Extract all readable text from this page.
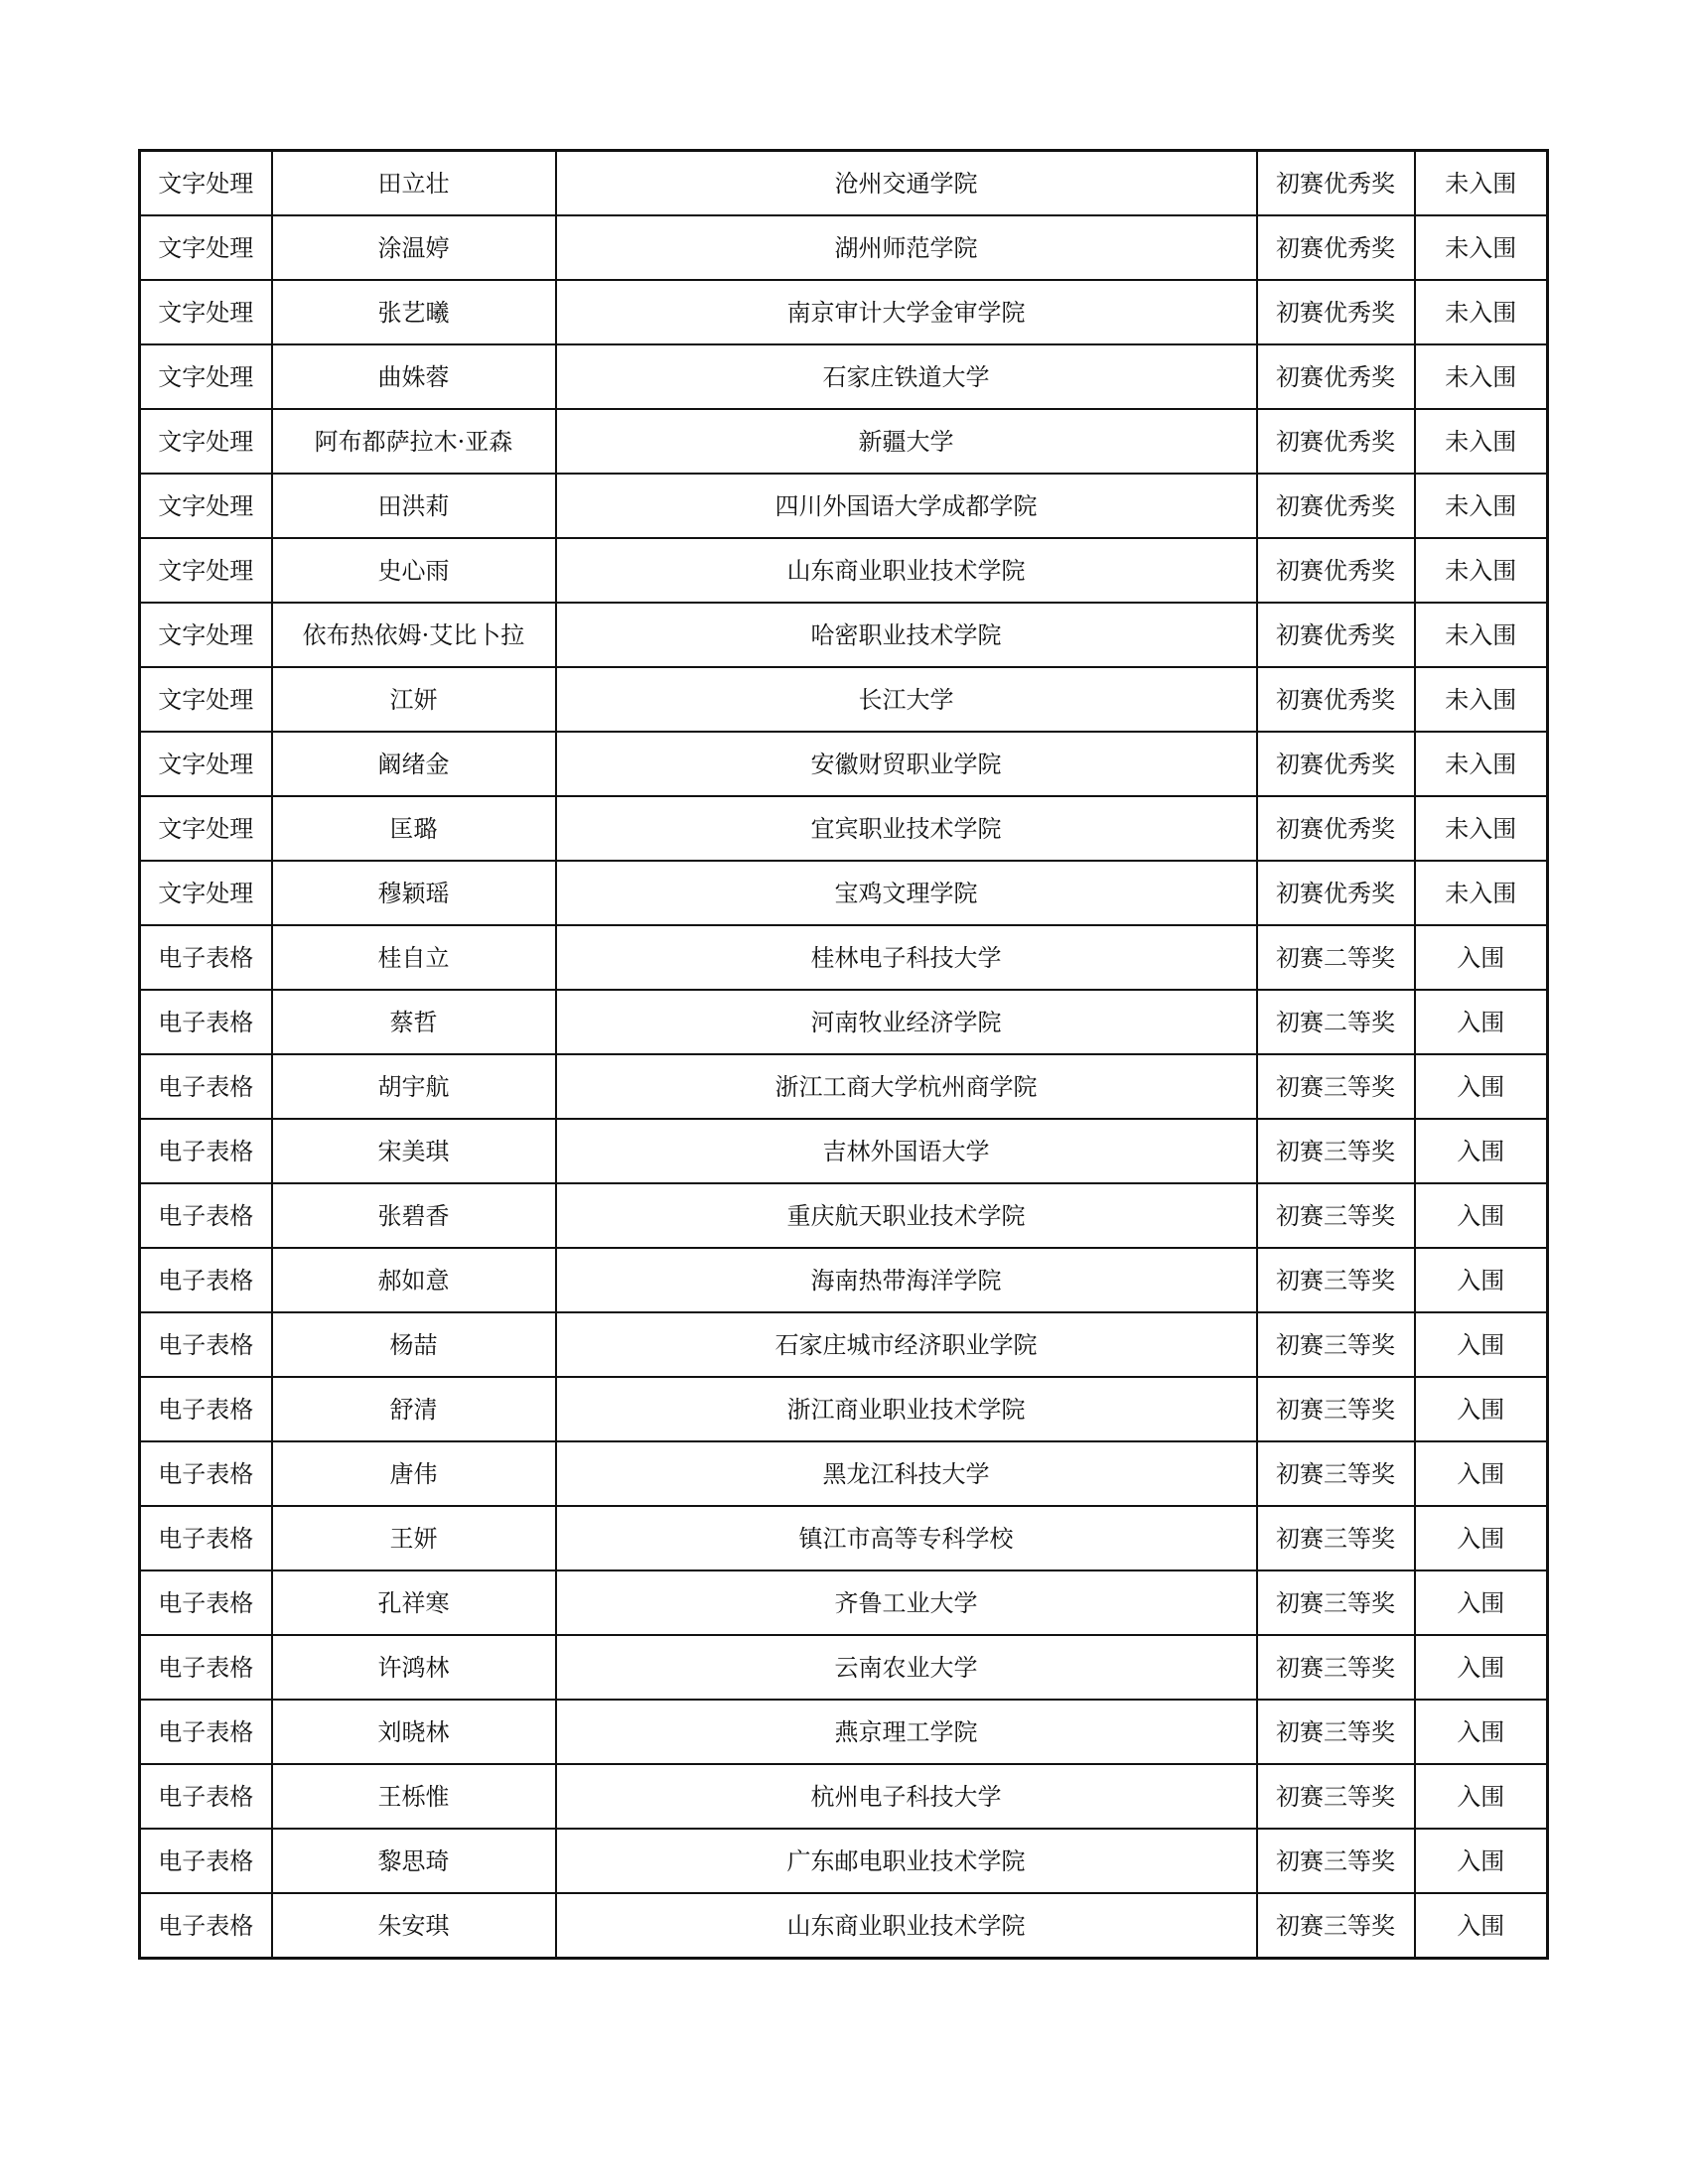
文字处理	田立壮	沧州交通学院	初赛优秀奖	未入围
文字处理	涂温婷	湖州师范学院	初赛优秀奖	未入围
文字处理	张艺曦	南京审计大学金审学院	初赛优秀奖	未入围
文字处理	曲姝蓉	石家庄铁道大学	初赛优秀奖	未入围
文字处理	阿布都萨拉木·亚森	新疆大学	初赛优秀奖	未入围
文字处理	田洪莉	四川外国语大学成都学院	初赛优秀奖	未入围
文字处理	史心雨	山东商业职业技术学院	初赛优秀奖	未入围
文字处理	依布热依姆·艾比卜拉	哈密职业技术学院	初赛优秀奖	未入围
文字处理	江妍	长江大学	初赛优秀奖	未入围
文字处理	阚绪金	安徽财贸职业学院	初赛优秀奖	未入围
文字处理	匡璐	宜宾职业技术学院	初赛优秀奖	未入围
文字处理	穆颖瑶	宝鸡文理学院	初赛优秀奖	未入围
电子表格	桂自立	桂林电子科技大学	初赛二等奖	入围
电子表格	蔡哲	河南牧业经济学院	初赛二等奖	入围
电子表格	胡宇航	浙江工商大学杭州商学院	初赛三等奖	入围
电子表格	宋美琪	吉林外国语大学	初赛三等奖	入围
电子表格	张碧香	重庆航天职业技术学院	初赛三等奖	入围
电子表格	郝如意	海南热带海洋学院	初赛三等奖	入围
电子表格	杨喆	石家庄城市经济职业学院	初赛三等奖	入围
电子表格	舒清	浙江商业职业技术学院	初赛三等奖	入围
电子表格	唐伟	黑龙江科技大学	初赛三等奖	入围
电子表格	王妍	镇江市高等专科学校	初赛三等奖	入围
电子表格	孔祥寒	齐鲁工业大学	初赛三等奖	入围
电子表格	许鸿林	云南农业大学	初赛三等奖	入围
电子表格	刘晓林	燕京理工学院	初赛三等奖	入围
电子表格	王栎惟	杭州电子科技大学	初赛三等奖	入围
电子表格	黎思琦	广东邮电职业技术学院	初赛三等奖	入围
电子表格	朱安琪	山东商业职业技术学院	初赛三等奖	入围
